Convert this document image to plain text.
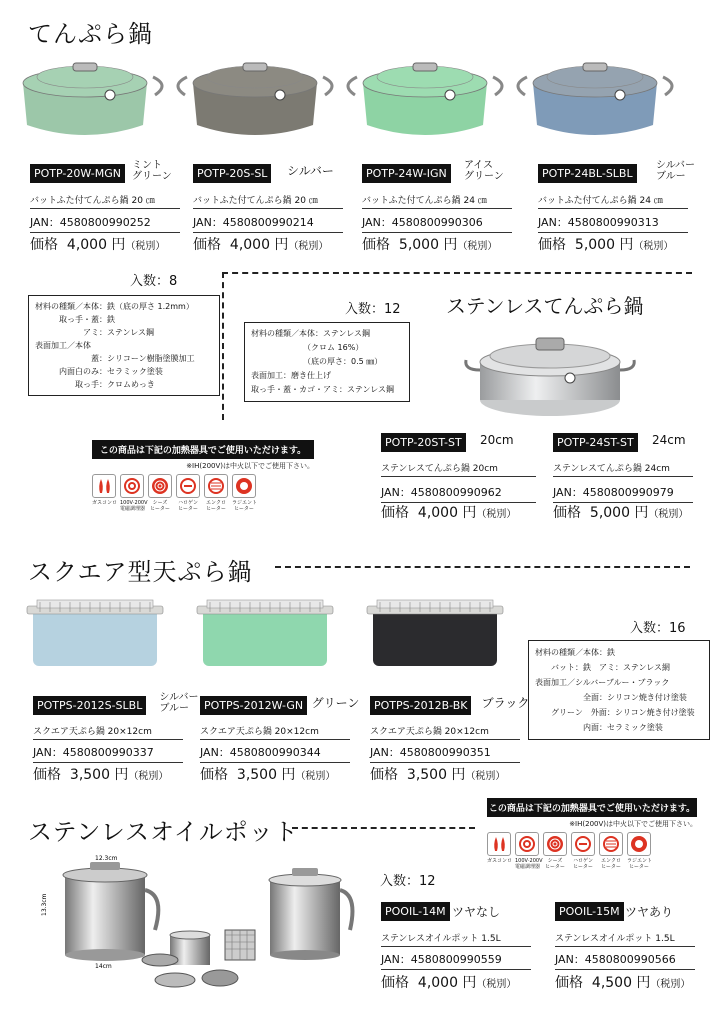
てんぷら鍋
POTP-20W-MGN
ミント
グリーン
バットふた付てんぷら鍋 20 ㎝
JAN：4580800990252
価格 4,000 円（税別）
POTP-20S-SL	シルバー
バットふた付てんぷら鍋 20 ㎝
JAN：4580800990214
価格 4,000 円（税別）
POTP-24W-IGN
アイス
グリーン
バットふた付てんぷら鍋 24 ㎝
JAN：4580800990306
価格 5,000 円（税別）
POTP-24BL-SLBL
シルバー
ブルー
バットふた付てんぷら鍋 24 ㎝
JAN：4580800990313
価格 5,000 円（税別）
入数：8
材料の種類／本体：鉄（底の厚さ 1.2mm）
　　　取っ手・蓋：鉄
　　　　　　アミ：ステンレス鋼
表面加工／本体
　　　　　　　蓋：シリコーン樹脂塗膜加工
　　　内面白のみ：セラミック塗装
　　　　　取っ手：クロムめっき
入数：12 ステンレスてんぷら鍋
材料の種類／本体：ステンレス鋼
　　　　　　　（クロム 16%）
　　　　　　　（底の厚さ：0.5 ㎜）
表面加工：磨き仕上げ
取っ手・蓋・カゴ・アミ：ステンレス鋼
この商品は下記の加熱器具でご使用いただけます。
※IH(200V)は中火以下でご使用下さい。
ガスコンロ 100V·200V
電磁調理器
シーズ
ヒーター
ハロゲン
ヒーター
エンクロ
ヒーター
ラジエント
ヒーター
POTP-20ST-ST	20cm
ステンレスてんぷら鍋 20cm
JAN：4580800990962
価格 4,000 円（税別）
POTP-24ST-ST	24cm
ステンレスてんぷら鍋 24cm
JAN：4580800990979
価格 5,000 円（税別）
スクエア型天ぷら鍋
入数：16
材料の種類／本体：鉄
　　バット：鉄　アミ：ステンレス網
表面加工／シルバーブルー・ブラック
　　　　　　全面：シリコン焼き付け塗装
　　グリーン　外面：シリコン焼き付け塗装
　　　　　　内面：セラミック塗装
POTPS-2012S-SLBL
シルバー
ブルー
スクエア天ぷら鍋 20×12cm
JAN：4580800990337
価格 3,500 円（税別）
POTPS-2012W-GN グリーン
スクエア天ぷら鍋 20×12cm
JAN：4580800990344
価格 3,500 円（税別）
POTPS-2012B-BK	ブラック
スクエア天ぷら鍋 20×12cm
JAN：4580800990351
価格 3,500 円（税別）
ステンレスオイルポット
この商品は下記の加熱器具でご使用いただけます。
※IH(200V)は中火以下でご使用下さい。
ガスコンロ 100V·200V
電磁調理器
シーズ
ヒーター
ハロゲン
ヒーター
エンクロ
ヒーター
ラジエント
ヒーター
12.3cm
13.3cm
14cm
入数：12
POOIL-14M ツヤなし
ステンレスオイルポット 1.5L
JAN：4580800990559
価格 4,000 円（税別）
POOIL-15M ツヤあり
ステンレスオイルポット 1.5L
JAN：4580800990566
価格 4,500 円（税別）
